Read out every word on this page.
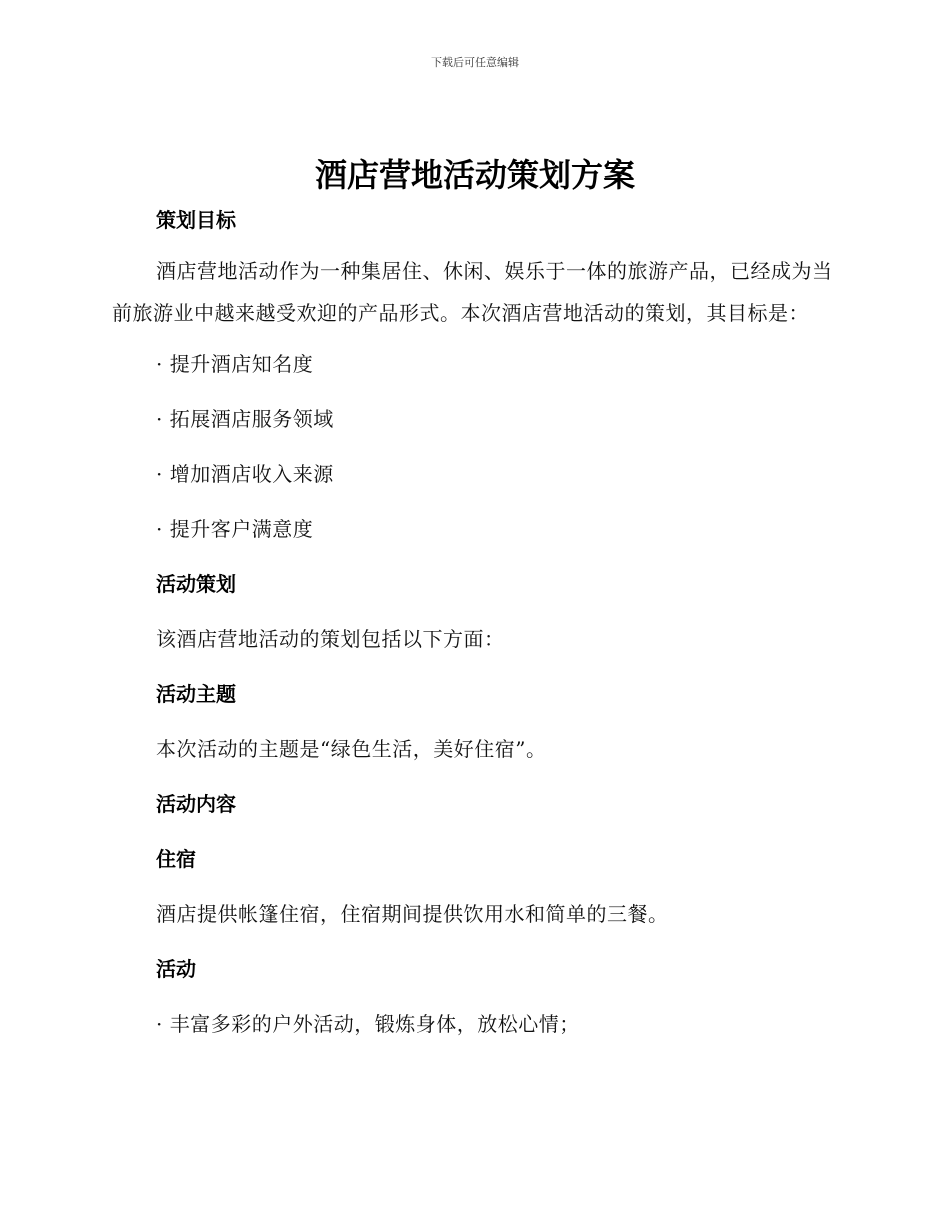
下载后可任意编辑
酒店营地活动策划方案
策划目标

酒店营地活动作为一种集居住、休闲、娱乐于一体的旅游产品，已经成为当前旅游业中越来越受欢迎的产品形式。本次酒店营地活动的策划，其目标是：

· 提升酒店知名度
· 拓展酒店服务领域
· 增加酒店收入来源
· 提升客户满意度
活动策划
该酒店营地活动的策划包括以下方面：
活动主题
本次活动的主题是“绿色生活，美好住宿”。
活动内容
住宿
酒店提供帐篷住宿，住宿期间提供饮用水和简单的三餐。
活动
· 丰富多彩的户外活动，锻炼身体，放松心情；
